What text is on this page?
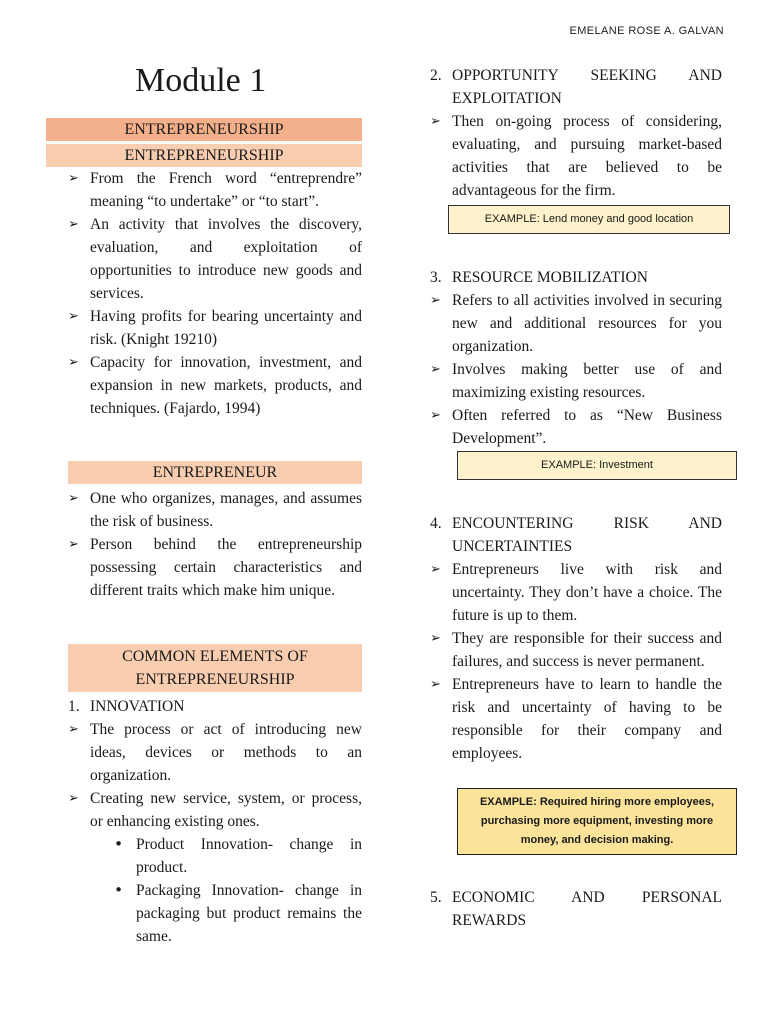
EMELANE ROSE A. GALVAN
Module 1
ENTREPRENEURSHIP
ENTREPRENEURSHIP
➢ From the French word “entreprendre” meaning “to undertake” or “to start”.
➢ An activity that involves the discovery, evaluation, and exploitation of opportunities to introduce new goods and services.
➢ Having profits for bearing uncertainty and risk. (Knight 19210)
➢ Capacity for innovation, investment, and expansion in new markets, products, and techniques. (Fajardo, 1994)
ENTREPRENEUR
➢ One who organizes, manages, and assumes the risk of business.
➢ Person behind the entrepreneurship possessing certain characteristics and different traits which make him unique.
COMMON ELEMENTS OF ENTREPRENEURSHIP
1. INNOVATION
➢ The process or act of introducing new ideas, devices or methods to an organization.
➢ Creating new service, system, or process, or enhancing existing ones.
• Product Innovation- change in product.
• Packaging Innovation- change in packaging but product remains the same.
2. OPPORTUNITY SEEKING AND EXPLOITATION
➢ Then on-going process of considering, evaluating, and pursuing market-based activities that are believed to be advantageous for the firm.
EXAMPLE: Lend money and good location
3. RESOURCE MOBILIZATION
➢ Refers to all activities involved in securing new and additional resources for you organization.
➢ Involves making better use of and maximizing existing resources.
➢ Often referred to as “New Business Development”.
EXAMPLE: Investment
4. ENCOUNTERING RISK AND UNCERTAINTIES
➢ Entrepreneurs live with risk and uncertainty. They don’t have a choice. The future is up to them.
➢ They are responsible for their success and failures, and success is never permanent.
➢ Entrepreneurs have to learn to handle the risk and uncertainty of having to be responsible for their company and employees.
EXAMPLE: Required hiring more employees, purchasing more equipment, investing more money, and decision making.
5. ECONOMIC AND PERSONAL REWARDS
